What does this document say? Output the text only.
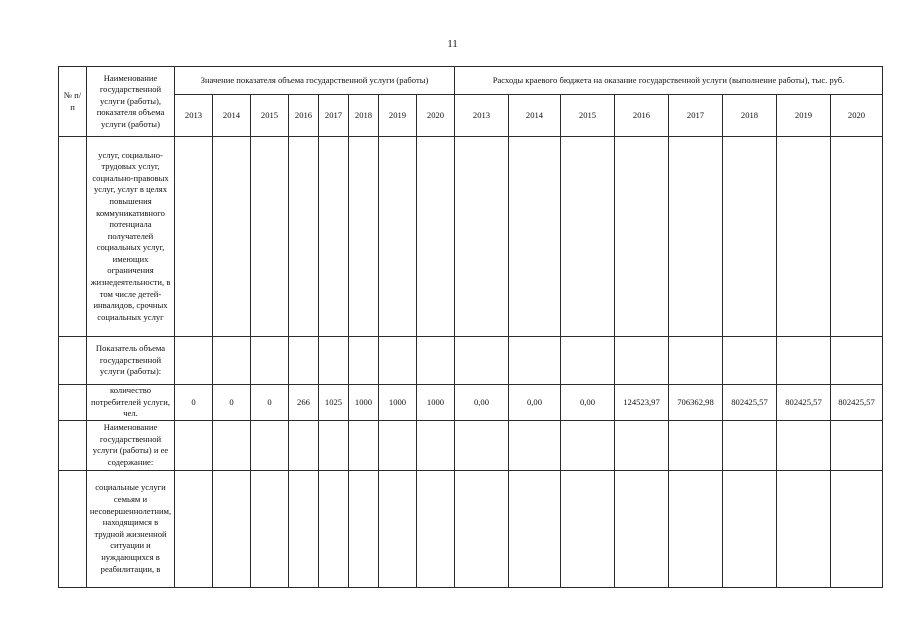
11
№ п/ п	Наименование государственной услуги (работы), показателя объема услуги (работы)	Значение показателя объема государственной услуги (работы)								Расходы краевого бюджета на оказание государственной услуги (выполнение работы), тыс. руб.							
		2013	2014	2015	2016	2017	2018	2019	2020	2013	2014	2015	2016	2017	2018	2019	2020
	услуг, социально-трудовых услуг, социально-правовых услуг, услуг в целях повышения коммуникативного потенциала получателей социальных услуг, имеющих ограничения жизнедеятельности, в том числе детей-инвалидов, срочных социальных услуг																
	Показатель объема государственной услуги (работы):																
	количество потребителей услуги, чел.	0	0	0	266	1025	1000	1000	1000	0,00	0,00	0,00	124523,97	706362,98	802425,57	802425,57	802425,57
	Наименование государственной услуги (работы) и ее содержание:																
	социальные услуги семьям и несовершеннолетним, находящимся в трудной жизненной ситуации и нуждающихся в реабилитации, в																
